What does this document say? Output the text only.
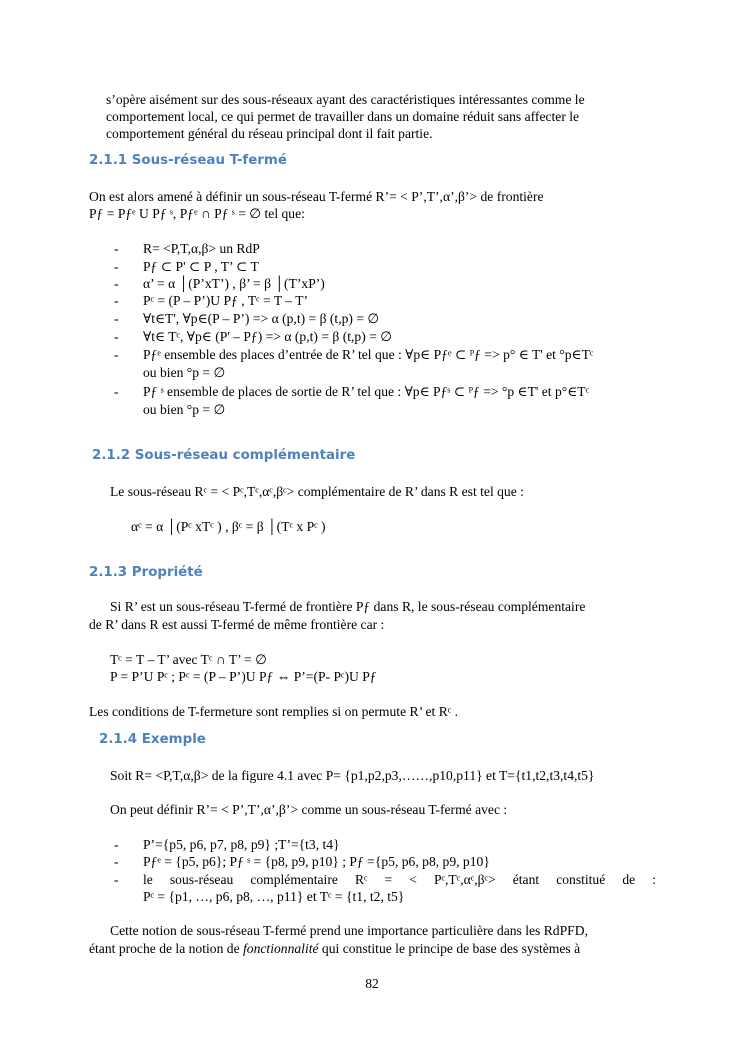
s’opère aisément sur des sous-réseaux ayant des caractéristiques intéressantes comme le
comportement local, ce qui permet de travailler dans un domaine réduit sans affecter le
comportement général du réseau principal dont il fait partie.
2.1.1 Sous-réseau T-fermé
On est alors amené à définir un sous-réseau T-fermé R’= < P’,T’,α’,β’> de frontière
Pƒ = Pƒᵉ U Pƒ ˢ, Pƒᵉ ∩ Pƒ ˢ = ∅ tel que:
- R= <P,T,α,β> un RdP
- Pƒ ⊂ P' ⊂ P , T’ ⊂ T
- α’ = α │(P’xT’) , β’ = β │(T’xP’)
- Pᶜ = (P – P’)U Pƒ , Tᶜ = T – T’
- ∀t∈T', ∀p∈(P – P’) => α (p,t) = β (t,p) = ∅
- ∀t∈ Tᶜ, ∀p∈ (P' – Pƒ) => α (p,t) = β (t,p) = ∅
- Pƒᵉ ensemble des places d’entrée de R’ tel que : ∀p∈ Pƒᵉ ⊂ ᴾƒ => p° ∈ T' et °p∈Tᶜ
ou bien °p = ∅
- Pƒ ˢ ensemble de places de sortie de R’ tel que : ∀p∈ Pƒˢ ⊂ ᴾƒ => °p ∈T' et p°∈Tᶜ
ou bien °p = ∅
2.1.2 Sous-réseau complémentaire
Le sous-réseau Rᶜ = < Pᶜ,Tᶜ,αᶜ,βᶜ> complémentaire de R’ dans R est tel que :
αᶜ = α │(Pᶜ xTᶜ ) , βᶜ = β │(Tᶜ x Pᶜ )
2.1.3 Propriété
Si R’ est un sous-réseau T-fermé de frontière Pƒ dans R, le sous-réseau complémentaire
de R’ dans R est aussi T-fermé de même frontière car :
Tᶜ = T – T’ avec Tᶜ ∩ T’ = ∅
P = P’U Pᶜ ; Pᶜ = (P – P’)U Pƒ ⇔ P’=(P- Pᶜ)U Pƒ
Les conditions de T-fermeture sont remplies si on permute R’ et Rᶜ .
2.1.4 Exemple
Soit R= <P,T,α,β> de la figure 4.1 avec P= {p1,p2,p3,……,p10,p11} et T={t1,t2,t3,t4,t5}
On peut définir R’= < P’,T’,α’,β’> comme un sous-réseau T-fermé avec :
- P’={p5, p6, p7, p8, p9} ;T’={t3, t4}
- Pƒᵉ = {p5, p6}; Pƒ ˢ = {p8, p9, p10} ; Pƒ ={p5, p6, p8, p9, p10}
- le sous-réseau complémentaire Rᶜ = < Pᶜ,Tᶜ,αᶜ,βᶜ> étant constitué de :
Pᶜ = {p1, …, p6, p8, …, p11} et Tᶜ = {t1, t2, t5}
Cette notion de sous-réseau T-fermé prend une importance particulière dans les RdPFD,
étant proche de la notion de fonctionnalité qui constitue le principe de base des systèmes à
82
